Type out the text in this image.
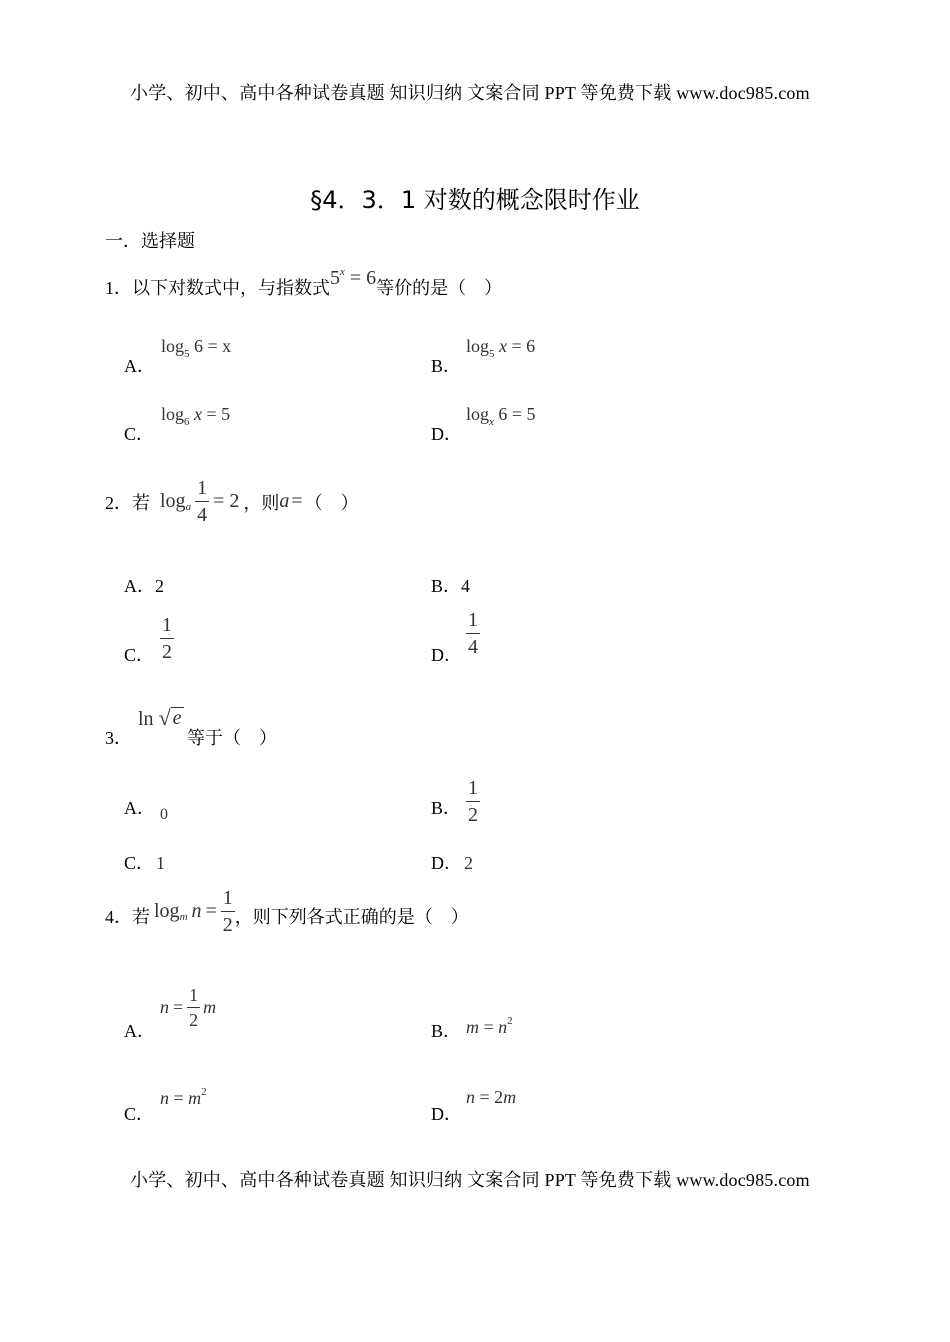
小学、初中、高中各种试卷真题 知识归纳 文案合同 PPT 等免费下载 www.doc985.com
§4．3．1 对数的概念限时作业
一．选择题
1．以下对数式中，与指数式$5^x = 6$等价的是（　）
A．
$\log_5 6 = x$
B．
$\log_5 x = 6$
C．
$\log_6 x = 5$
D．
$\log_x 6 = 5$
2． 若 log a $\frac{1}{4} = 2$ ，则 a = （　）
A．2	B．4
C． $\frac{1}{2}$	D． $\frac{1}{4}$
3．
ln √ e
等于（　）
A． 0	B． $\frac{1}{2}$
C． 1	D． 2
4． 若 log m $n = \frac{1}{2}$ ，则下列各式正确的是（　）
A．
$n = \frac{1}{2}$ m
B． $m = n^2$
C．
$n = m^2$
D．
n = 2m
小学、初中、高中各种试卷真题 知识归纳 文案合同 PPT 等免费下载 www.doc985.com
